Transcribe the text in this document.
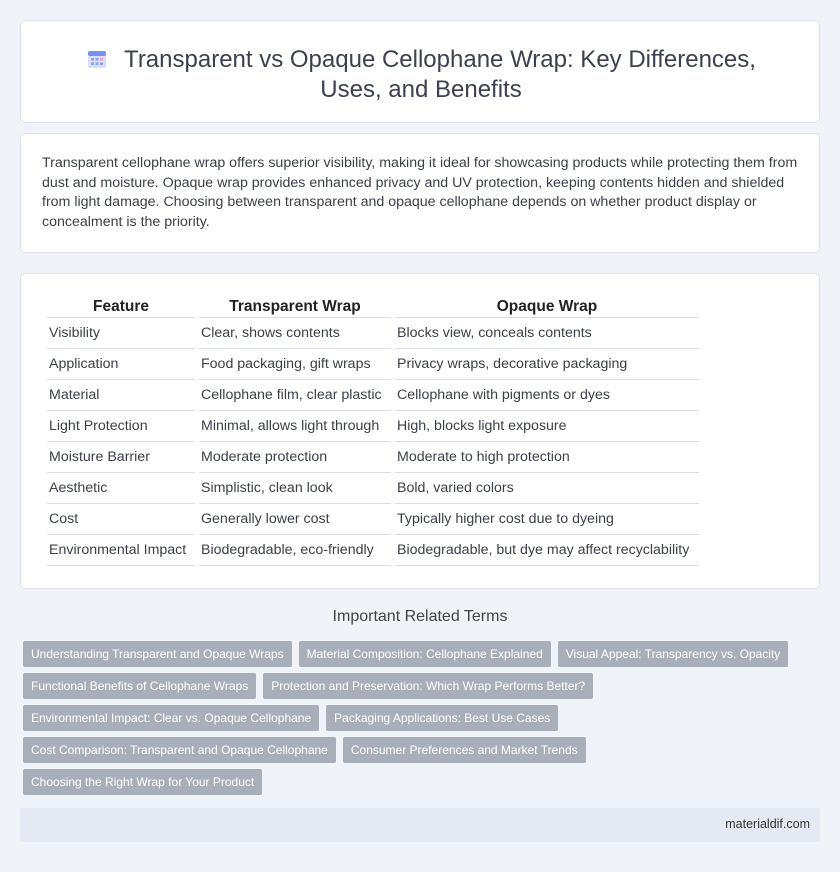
Transparent vs Opaque Cellophane Wrap: Key Differences, Uses, and Benefits

Transparent cellophane wrap offers superior visibility, making it ideal for showcasing products while protecting them from dust and moisture. Opaque wrap provides enhanced privacy and UV protection, keeping contents hidden and shielded from light damage. Choosing between transparent and opaque cellophane depends on whether product display or concealment is the priority.

Feature	Transparent Wrap	Opaque Wrap
Visibility	Clear, shows contents	Blocks view, conceals contents
Application	Food packaging, gift wraps	Privacy wraps, decorative packaging
Material	Cellophane film, clear plastic	Cellophane with pigments or dyes
Light Protection	Minimal, allows light through	High, blocks light exposure
Moisture Barrier	Moderate protection	Moderate to high protection
Aesthetic	Simplistic, clean look	Bold, varied colors
Cost	Generally lower cost	Typically higher cost due to dyeing
Environmental Impact	Biodegradable, eco-friendly	Biodegradable, but dye may affect recyclability
Important Related Terms
Understanding Transparent and Opaque Wraps	Material Composition: Cellophane Explained	Visual Appeal: Transparency vs. Opacity
Functional Benefits of Cellophane Wraps	Protection and Preservation: Which Wrap Performs Better?
Environmental Impact: Clear vs. Opaque Cellophane	Packaging Applications: Best Use Cases
Cost Comparison: Transparent and Opaque Cellophane	Consumer Preferences and Market Trends
Choosing the Right Wrap for Your Product
materialdif.com
